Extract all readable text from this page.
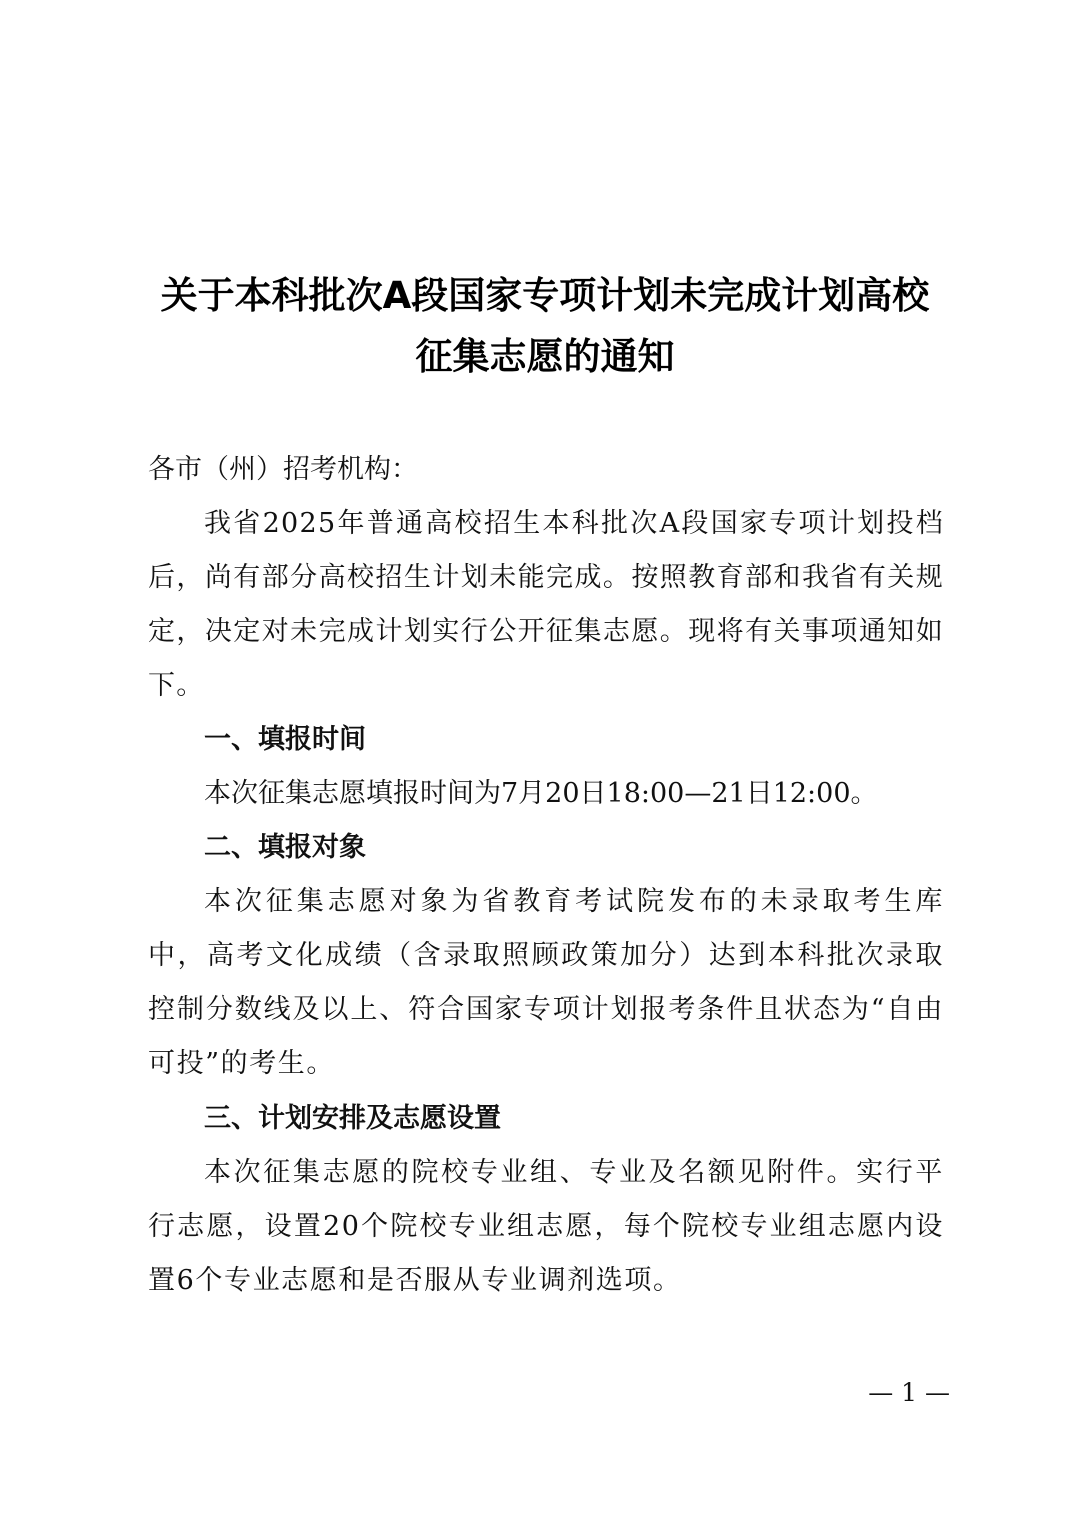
关于本科批次A段国家专项计划未完成计划高校
征集志愿的通知
各市（州）招考机构：
我省2025年普通高校招生本科批次A段国家专项计划投档后，尚有部分高校招生计划未能完成。按照教育部和我省有关规定，决定对未完成计划实行公开征集志愿。现将有关事项通知如下。
一、填报时间
本次征集志愿填报时间为7月20日18:00—21日12:00。
二、填报对象
本次征集志愿对象为省教育考试院发布的未录取考生库中，高考文化成绩（含录取照顾政策加分）达到本科批次录取控制分数线及以上、符合国家专项计划报考条件且状态为“自由可投”的考生。
三、计划安排及志愿设置
本次征集志愿的院校专业组、专业及名额见附件。实行平行志愿，设置20个院校专业组志愿，每个院校专业组志愿内设置6个专业志愿和是否服从专业调剂选项。
— 1 —
